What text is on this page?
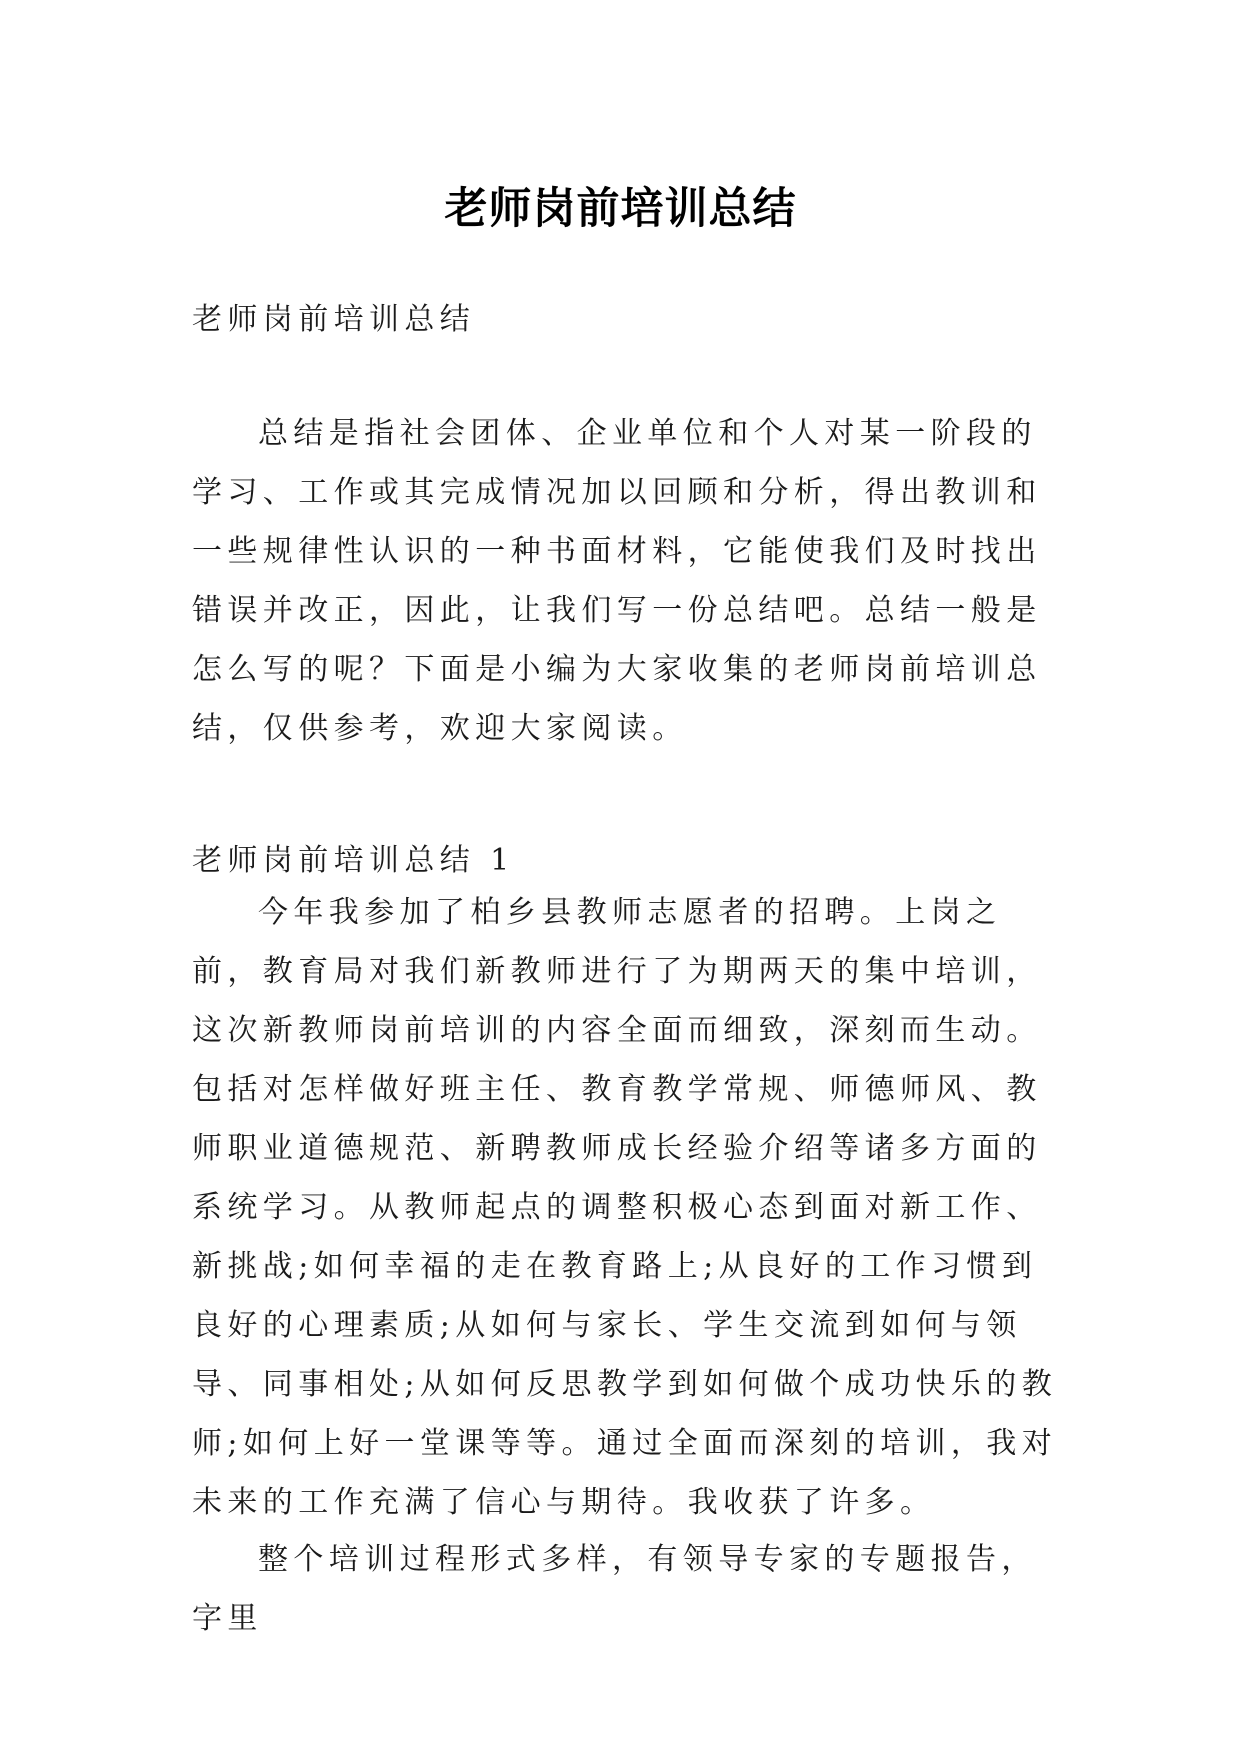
老师岗前培训总结

老师岗前培训总结

总结是指社会团体、企业单位和个人对某一阶段的学习、工作或其完成情况加以回顾和分析，得出教训和一些规律性认识的一种书面材料，它能使我们及时找出错误并改正，因此，让我们写一份总结吧。总结一般是怎么写的呢？下面是小编为大家收集的老师岗前培训总结，仅供参考，欢迎大家阅读。

老师岗前培训总结 1

今年我参加了柏乡县教师志愿者的招聘。上岗之前，教育局对我们新教师进行了为期两天的集中培训，这次新教师岗前培训的内容全面而细致，深刻而生动。包括对怎样做好班主任、教育教学常规、师德师风、教师职业道德规范、新聘教师成长经验介绍等诸多方面的系统学习。从教师起点的调整积极心态到面对新工作、新挑战;如何幸福的走在教育路上;从良好的工作习惯到良好的心理素质;从如何与家长、学生交流到如何与领导、同事相处;从如何反思教学到如何做个成功快乐的教师;如何上好一堂课等等。通过全面而深刻的培训，我对未来的工作充满了信心与期待。我收获了许多。

整个培训过程形式多样，有领导专家的专题报告，字里
